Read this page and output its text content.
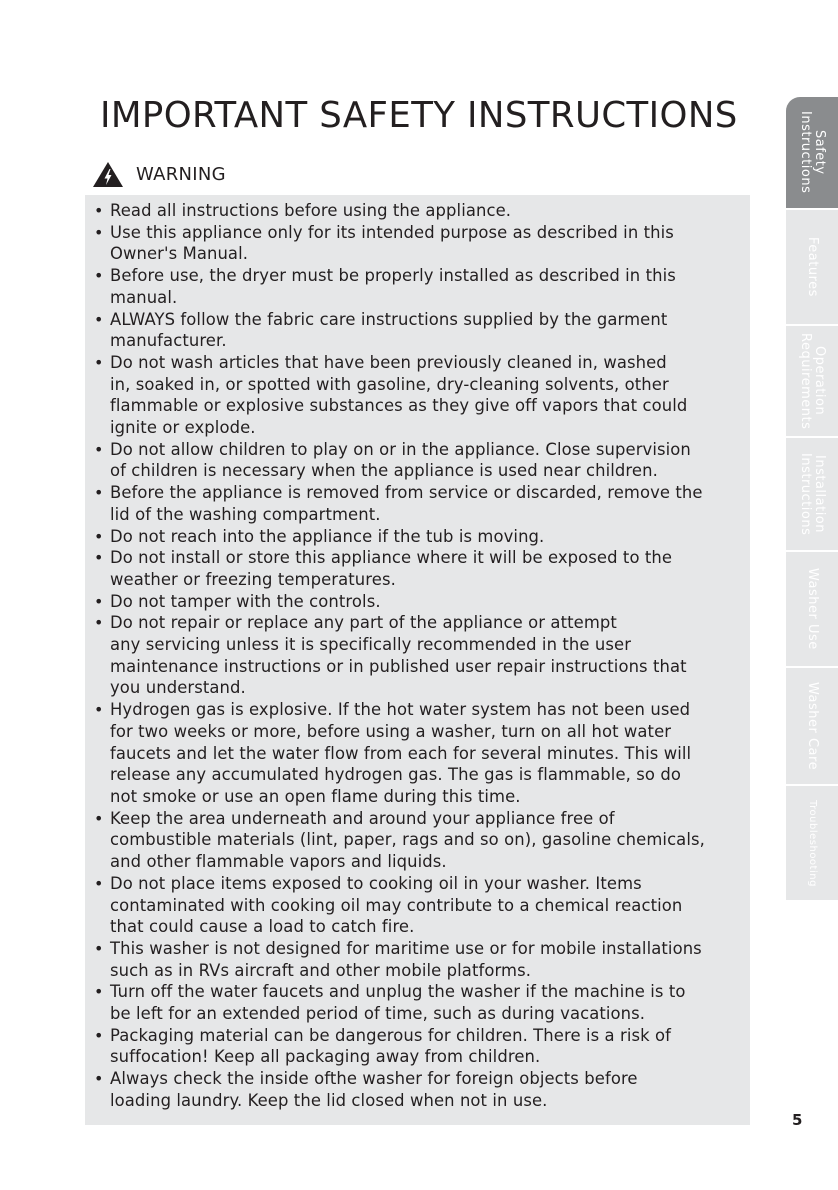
IMPORTANT SAFETY INSTRUCTIONS
WARNING
• Read all instructions before using the appliance.
• Use this appliance only for its intended purpose as described in this
Owner's Manual.
• Before use, the dryer must be properly installed as described in this
manual.
• ALWAYS follow the fabric care instructions supplied by the garment
manufacturer.
• Do not wash articles that have been previously cleaned in, washed
in, soaked in, or spotted with gasoline, dry-cleaning solvents, other
flammable or explosive substances as they give off vapors that could
ignite or explode.
• Do not allow children to play on or in the appliance. Close supervision
of children is necessary when the appliance is used near children.
• Before the appliance is removed from service or discarded, remove the
lid of the washing compartment.
• Do not reach into the appliance if the tub is moving.
• Do not install or store this appliance where it will be exposed to the
weather or freezing temperatures.
• Do not tamper with the controls.
• Do not repair or replace any part of the appliance or attempt
any servicing unless it is specifically recommended in the user
maintenance instructions or in published user repair instructions that
you understand.
• Hydrogen gas is explosive. If the hot water system has not been used
for two weeks or more, before using a washer, turn on all hot water
faucets and let the water flow from each for several minutes. This will
release any accumulated hydrogen gas. The gas is flammable, so do
not smoke or use an open flame during this time.
• Keep the area underneath and around your appliance free of
combustible materials (lint, paper, rags and so on), gasoline chemicals,
and other flammable vapors and liquids.
• Do not place items exposed to cooking oil in your washer. Items
contaminated with cooking oil may contribute to a chemical reaction
that could cause a load to catch fire.
• This washer is not designed for maritime use or for mobile installations
such as in RVs aircraft and other mobile platforms.
• Turn off the water faucets and unplug the washer if the machine is to
be left for an extended period of time, such as during vacations.
• Packaging material can be dangerous for children. There is a risk of
suffocation! Keep all packaging away from children.
• Always check the inside ofthe washer for foreign objects before
loading laundry. Keep the lid closed when not in use.
Safety
Instructions
Features
Operation
Requirements
Installation
Instructions
Washer Use
Washer Care
Troubleshooting
5
